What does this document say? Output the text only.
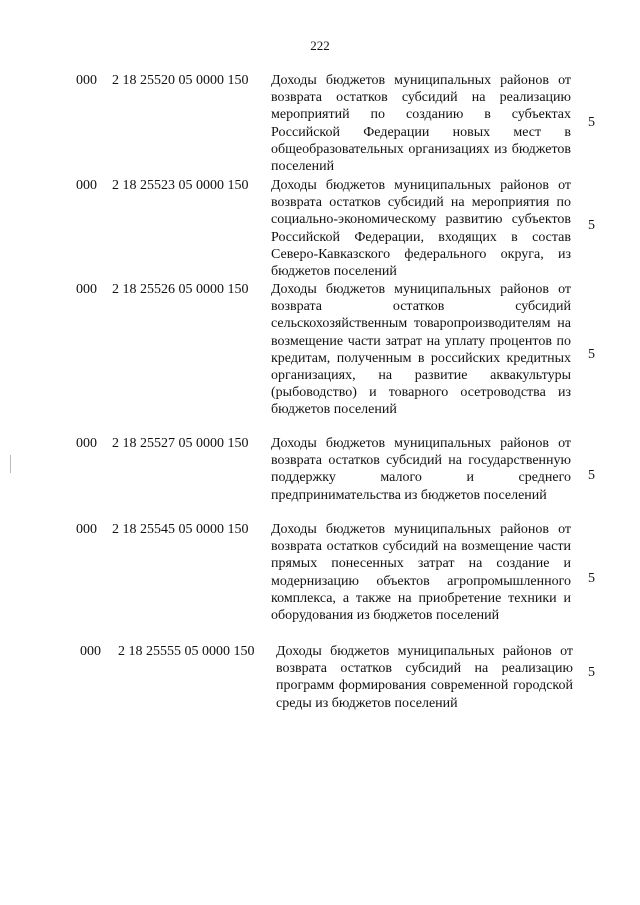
222
000 2 18 25520 05 0000 150 Доходы бюджетов муниципальных районов от возврата остатков субсидий на реализацию мероприятий по созданию в субъектах Российской Федерации новых мест в общеобразовательных организациях из бюджетов поселений
5
000 2 18 25523 05 0000 150 Доходы бюджетов муниципальных районов от возврата остатков субсидий на мероприятия по социально-экономическому развитию субъектов Российской Федерации, входящих в состав Северо-Кавказского федерального округа, из бюджетов поселений
5
000 2 18 25526 05 0000 150 Доходы бюджетов муниципальных районов от возврата остатков субсидий сельскохозяйственным товаропроизводителям на возмещение части затрат на уплату процентов по кредитам, полученным в российских кредитных организациях, на развитие аквакультуры (рыбоводство) и товарного осетроводства из бюджетов поселений
5
000 2 18 25527 05 0000 150 Доходы бюджетов муниципальных районов от возврата остатков субсидий на государственную поддержку малого и среднего предпринимательства из бюджетов поселений
5
000 2 18 25545 05 0000 150 Доходы бюджетов муниципальных районов от возврата остатков субсидий на возмещение части прямых понесенных затрат на создание и модернизацию объектов агропромышленного комплекса, а также на приобретение техники и оборудования из бюджетов поселений
5
000 2 18 25555 05 0000 150 Доходы бюджетов муниципальных районов от возврата остатков субсидий на реализацию программ формирования современной городской среды из бюджетов поселений
5
